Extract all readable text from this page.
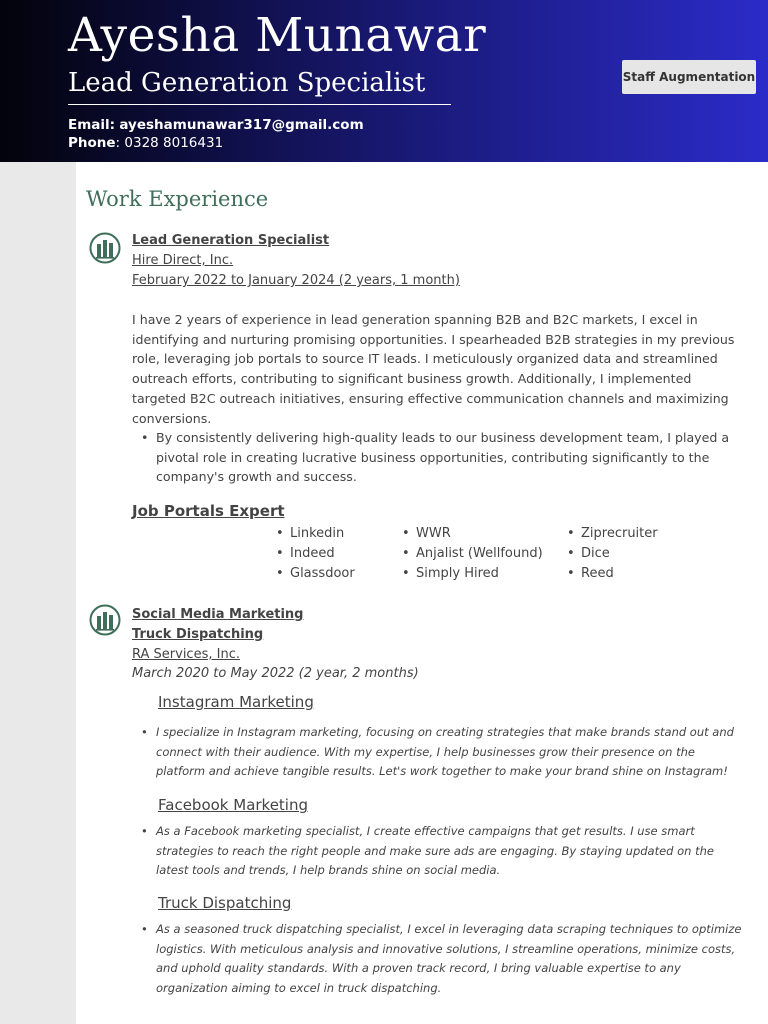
Ayesha Munawar
Lead Generation Specialist
Email: ayeshamunawar317@gmail.com
Phone: 0328 8016431
Staff Augmentation
Work Experience
Lead Generation Specialist
Hire Direct, Inc.
February 2022 to January 2024 (2 years, 1 month)

I have 2 years of experience in lead generation spanning B2B and B2C markets, I excel in identifying and nurturing promising opportunities. I spearheaded B2B strategies in my previous role, leveraging job portals to source IT leads. I meticulously organized data and streamlined outreach efforts, contributing to significant business growth. Additionally, I implemented targeted B2C outreach initiatives, ensuring effective communication channels and maximizing conversions.

• By consistently delivering high-quality leads to our business development team, I played a pivotal role in creating lucrative business opportunities, contributing significantly to the company's growth and success.
Job Portals Expert
• Linkedin
• Indeed
• Glassdoor
• WWR
• Anjalist (Wellfound)
• Simply Hired
• Ziprecruiter
• Dice
• Reed
Social Media Marketing
Truck Dispatching
RA Services, Inc.
March 2020 to May 2022 (2 year, 2 months)
Instagram Marketing
• I specialize in Instagram marketing, focusing on creating strategies that make brands stand out and connect with their audience. With my expertise, I help businesses grow their presence on the platform and achieve tangible results. Let's work together to make your brand shine on Instagram!
Facebook Marketing
• As a Facebook marketing specialist, I create effective campaigns that get results. I use smart strategies to reach the right people and make sure ads are engaging. By staying updated on the latest tools and trends, I help brands shine on social media.
Truck Dispatching
• As a seasoned truck dispatching specialist, I excel in leveraging data scraping techniques to optimize logistics. With meticulous analysis and innovative solutions, I streamline operations, minimize costs, and uphold quality standards. With a proven track record, I bring valuable expertise to any organization aiming to excel in truck dispatching.
